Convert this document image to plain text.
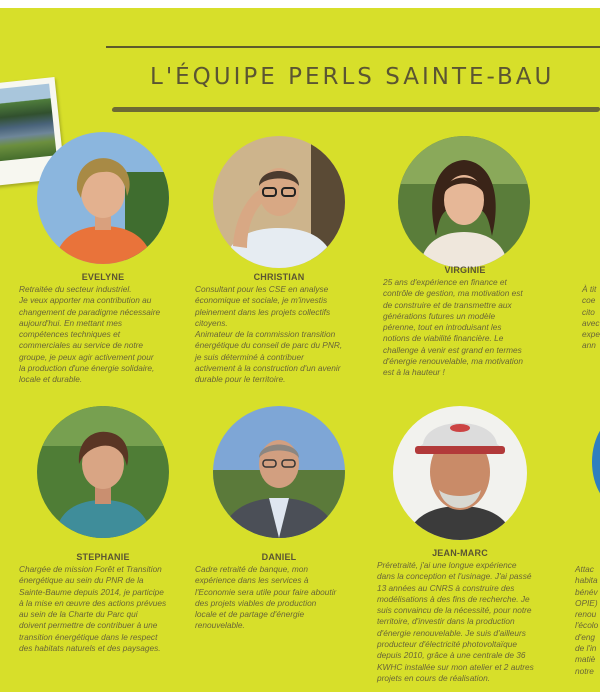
L'ÉQUIPE PERLS SAINTE-BAU
EVELYNE
Retraitée du secteur industriel.
Je veux apporter ma contribution au
changement de paradigme nécessaire
aujourd'hui. En mettant mes
compétences techniques et
commerciales au service de notre
groupe, je peux agir activement pour
la production d'une énergie solidaire,
locale et durable.
CHRISTIAN
Consultant pour les CSE en analyse
économique et sociale, je m'investis
pleinement dans les projets collectifs
citoyens.
Animateur de la commission transition
énergétique du conseil de parc du PNR,
je suis déterminé à contribuer
activement à la construction d'un avenir
durable pour le territoire.
VIRGINIE
25 ans d'expérience en finance et
contrôle de gestion, ma motivation est
de construire et de transmettre aux
générations futures un modèle
pérenne, tout en introduisant les
notions de viabilité financière. Le
challenge à venir est grand en termes
d'énergie renouvelable, ma motivation
est à la hauteur !
À tit
coe
cito
avec
expe
ann
STEPHANIE
Chargée de mission Forêt et Transition
énergétique au sein du PNR de la
Sainte-Baume depuis 2014, je participe
à la mise en œuvre des actions prévues
au sein de la Charte du Parc qui
doivent permettre de contribuer à une
transition énergétique dans le respect
des habitats naturels et des paysages.
DANIEL
Cadre retraité de banque, mon
expérience dans les services à
l'Economie sera utile pour faire aboutir
des projets viables de production
locale et de partage d'énergie
renouvelable.
JEAN-MARC
Préretraité, j'ai une longue expérience
dans la conception et l'usinage. J'ai passé
13 années au CNRS à construire des
modélisations à des fins de recherche. Je
suis convaincu de la nécessité, pour notre
territoire, d'investir dans la production
d'énergie renouvelable. Je suis d'ailleurs
producteur d'électricité photovoltaïque
depuis 2010, grâce à une centrale de 36
KWHC installée sur mon atelier et 2 autres
projets en cours de réalisation.
Attac
habita
bénév
OPIE)
renou
l'écolo
d'eng
de l'in
matiè
notre
